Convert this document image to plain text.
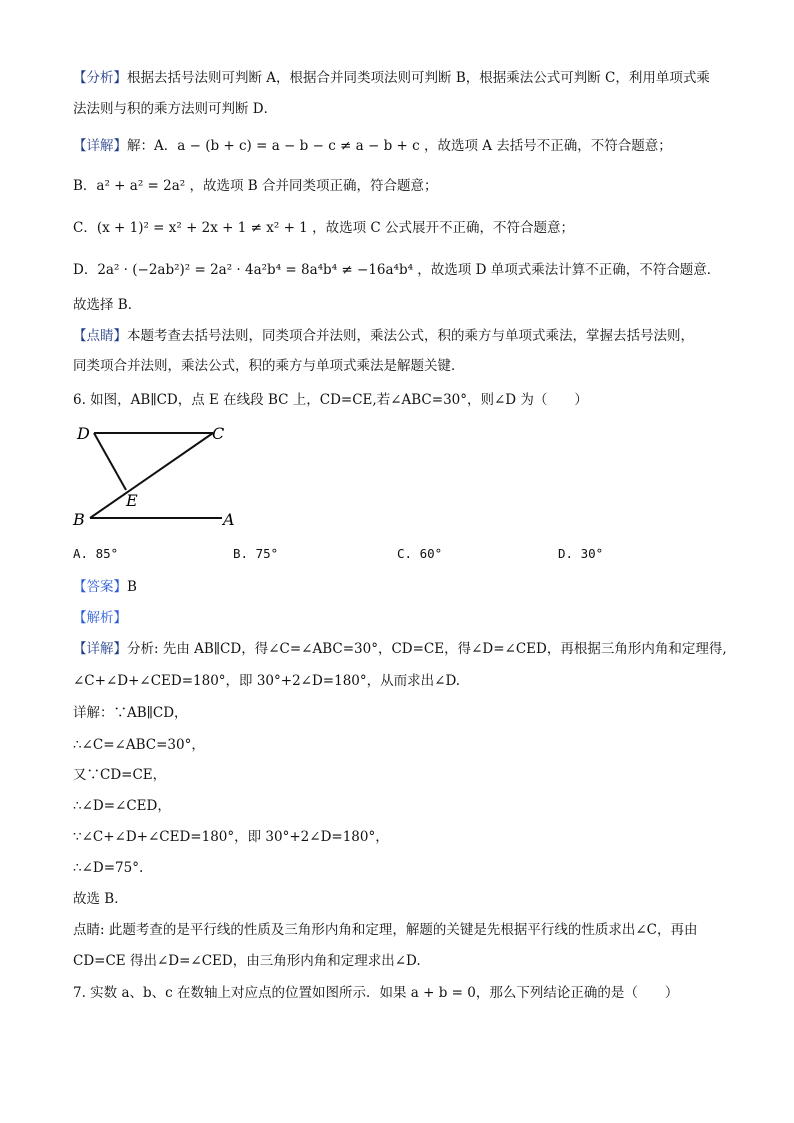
【分析】根据去括号法则可判断 A，根据合并同类项法则可判断 B，根据乘法公式可判断 C，利用单项式乘
法法则与积的乘方法则可判断 D．
【详解】解：A．a − (b + c) = a − b − c ≠ a − b + c ，故选项 A 去括号不正确，不符合题意；
B．a² + a² = 2a² ，故选项 B 合并同类项正确，符合题意；
C．(x + 1)² = x² + 2x + 1 ≠ x² + 1 ，故选项 C 公式展开不正确，不符合题意；
D．2a² · (−2ab²)² = 2a² · 4a²b⁴ = 8a⁴b⁴ ≠ −16a⁴b⁴ ，故选项 D 单项式乘法计算不正确，不符合题意．
故选择 B．
【点睛】本题考查去括号法则，同类项合并法则，乘法公式，积的乘方与单项式乘法，掌握去括号法则，
同类项合并法则，乘法公式，积的乘方与单项式乘法是解题关键．
6. 如图，AB∥CD，点 E 在线段 BC 上，CD=CE,若∠ABC=30°，则∠D 为（　　）
D	C
E
B	A
A. 85°	B. 75°	C. 60°	D. 30°
【答案】B
【解析】
【详解】分析: 先由 AB∥CD，得∠C=∠ABC=30°，CD=CE，得∠D=∠CED，再根据三角形内角和定理得,
∠C+∠D+∠CED=180°，即 30°+2∠D=180°，从而求出∠D.
详解：∵AB∥CD，
∴∠C=∠ABC=30°，
又∵CD=CE，
∴∠D=∠CED，
∵∠C+∠D+∠CED=180°，即 30°+2∠D=180°，
∴∠D=75°.
故选 B．
点睛: 此题考查的是平行线的性质及三角形内角和定理，解题的关键是先根据平行线的性质求出∠C，再由
CD=CE 得出∠D=∠CED，由三角形内角和定理求出∠D.
7. 实数 a、b、c 在数轴上对应点的位置如图所示．如果 a + b = 0，那么下列结论正确的是（　　）
